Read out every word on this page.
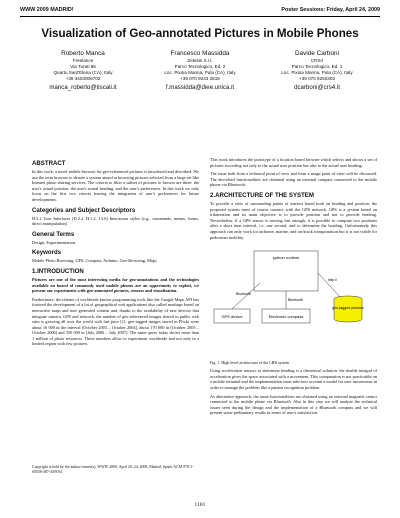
WWW 2009 MADRID!	Poster Sessions: Friday, April 24, 2009
Visualization of Geo-annotated Pictures in Mobile Phones
Roberto Manca
Freelance
Via Turati 85
Quartu Sant'Elena (CA), Italy
+39 3403006702
manca_roberto@tiscali.it
Francesco Massidda
Zetesis S.r.l.
Parco Tecnologico, Ed. 2
Loc. Pixina Manna, Pula (CA), Italy
+39 070 9243 2615
f.massidda@diee.unica.it
Davide Carboni
CRS4
Parco Tecnologico, Ed. 1
Loc. Pixina Manna, Pula (CA), Italy
+39 070 9250303
dcarboni@crs4.it
ABSTRACT

In this work, a novel mobile browser for geo-referenced pictures is introduced and described. We use the term browser to denote a system aimed at browsing pictures selected from a large set like Internet photo sharing services. The criteria to filter a subset of pictures to browse are three: the user's actual position, the user's actual heading, and the user's preferences. In this work we only focus on the first two criteria leaving the integration of user's preferences for future developments.

Categories and Subject Descriptors

H.5.2 User Interfaces (D.2.2, H.1.2, I.3.6) Interaction styles (e.g., commands, menus, forms, direct manipulation)

General Terms

Design, Experimentation.

Keywords

Mobile Photo Browsing, GPS, Compass, Arduino, Geo-Browsing, Maps

1.INTRODUCTION

Pictures are one of the most interesting media for geo-annotations and the technologies available on board of commonly used mobile phones are an opportunity to exploit, we present our experiments with geo-annotated pictures, sensors and visualization.

Furthermore, the release of worldwide known programming tools like the Google Maps API has fostered the development of a lot of geographical web applications also called mashups based on interactive maps and user generated content and, thanks to the availability of new devices that integrate camera, GPS and network, the number of geo-referenced images shared in public web sites is growing all over the world with fast pace [1]: geo-tagged images stored in Flickr were about 16 000 in the interval [October 2003 – October 2004], about 170 000 in [October 2005 – October 2006] and 350 000 in [July 2006 – July 2007]. The same query today shows more than 1 million of photo resources. These numbers allow to experiment worldwide and not only in a limited region with few pictures.

Copyright is held by the author/owner(s). WWW 2009, April 20–24, 2009, Madrid, Spain. ACM 978-1-60558-487-4/09/04

This work introduces the prototype of a location based browser which selects and shows a set of pictures according not only to the actual user position but also to the actual user heading.

The issue both from a technical point of view and from a usage point of view will be discussed. The described functionalities are obtained using an external compass connected to the mobile phone via Bluetooth.

2.ARCHITECTURE OF THE SYSTEM

To provide a view of surrounding points of interest based both on heading and position, the proposed system must of course connect with the GPS network. GPS is a system based on trilateration and its main objective is to provide position and not to provide heading. Nevertheless, if a GPS sensor is moving fast enough, it is possible to compute two positions after a short time interval, i.e. one second, and to determine the heading. Unfortunately this approach can only work for airborne, marine, and car/truck transportation but it is not viable for pedestrian mobility.

python runtime
GPS device	Electronic compass
geo-tagged pictures
Bluetooth
Bluetooth
http://
Fig. 1. High level architecture of the LBB system

Using acceleration sensors to determine heading is a theoretical solution: the double integral of acceleration gives the space associated with a movement. This computation is not practicable on a mobile terminal and the implementation must take into account a model for user movements in order to manage the problem like a pattern recognition problem.

As alternative approach, the same functionalities are obtained using an external magnetic sensor connected to the mobile phone via Bluetooth. Also in this case we will analyze the technical issues seen during the design and the implementation of a Bluetooth compass and we will present some preliminary results in terms of user's satisfaction.

1181
